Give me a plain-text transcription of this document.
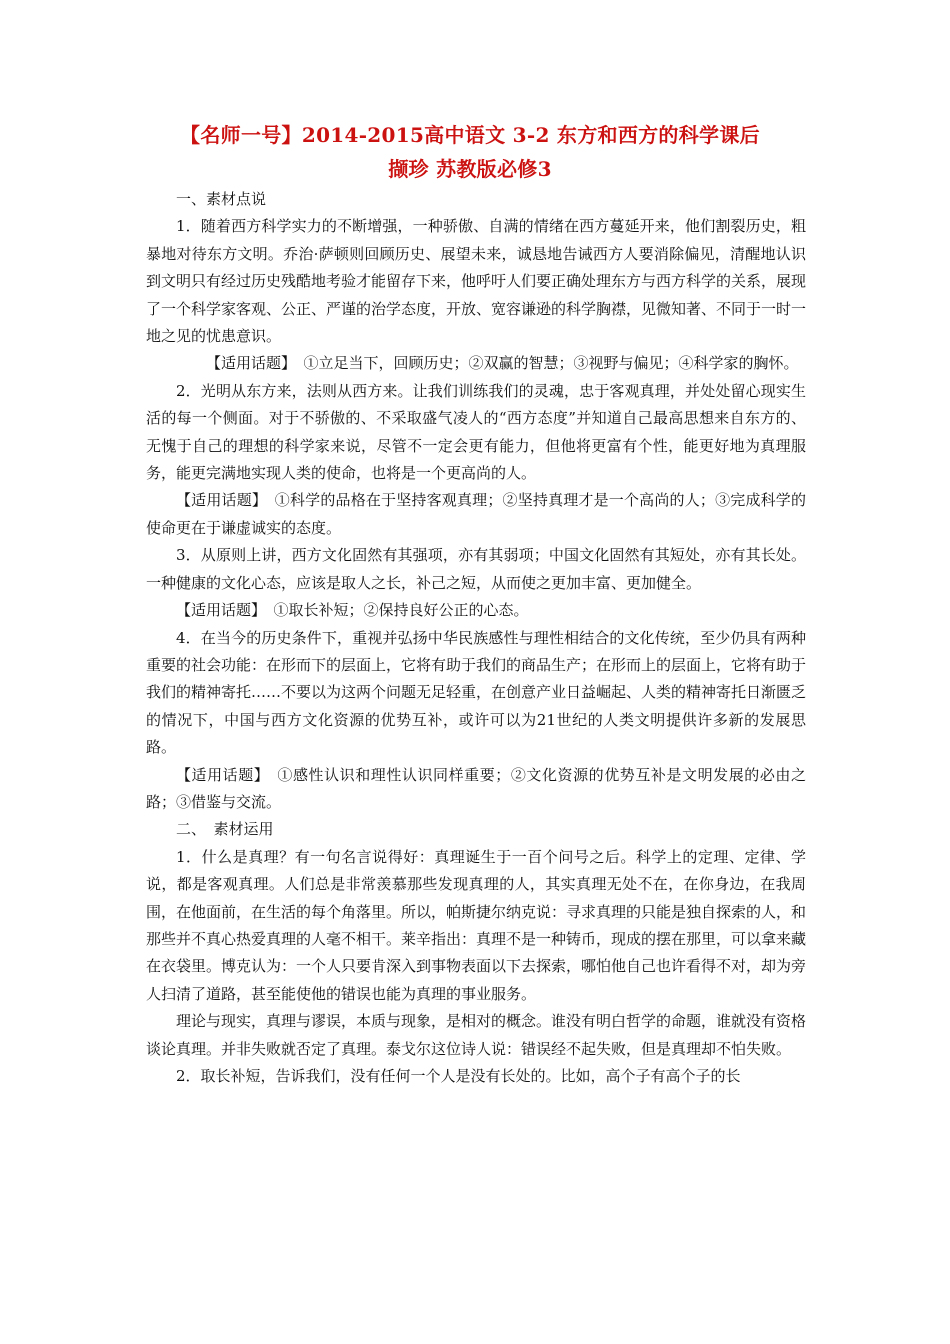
【名师一号】2014-2015高中语文 3-2 东方和西方的科学课后
撷珍 苏教版必修3

一、素材点说

1．随着西方科学实力的不断增强，一种骄傲、自满的情绪在西方蔓延开来，他们割裂历史，粗暴地对待东方文明。乔治·萨顿则回顾历史、展望未来，诚恳地告诫西方人要消除偏见，清醒地认识到文明只有经过历史残酷地考验才能留存下来，他呼吁人们要正确处理东方与西方科学的关系，展现了一个科学家客观、公正、严谨的治学态度，开放、宽容谦逊的科学胸襟，见微知著、不同于一时一地之见的忧患意识。

【适用话题】　①立足当下，回顾历史；②双赢的智慧；③视野与偏见；④科学家的胸怀。

2．光明从东方来，法则从西方来。让我们训练我们的灵魂，忠于客观真理，并处处留心现实生活的每一个侧面。对于不骄傲的、不采取盛气凌人的“西方态度”并知道自己最高思想来自东方的、无愧于自己的理想的科学家来说，尽管不一定会更有能力，但他将更富有个性，能更好地为真理服务，能更完满地实现人类的使命，也将是一个更高尚的人。

【适用话题】　①科学的品格在于坚持客观真理；②坚持真理才是一个高尚的人；③完成科学的使命更在于谦虚诚实的态度。

3．从原则上讲，西方文化固然有其强项，亦有其弱项；中国文化固然有其短处，亦有其长处。一种健康的文化心态，应该是取人之长，补己之短，从而使之更加丰富、更加健全。

【适用话题】　①取长补短；②保持良好公正的心态。

4．在当今的历史条件下，重视并弘扬中华民族感性与理性相结合的文化传统，至少仍具有两种重要的社会功能：在形而下的层面上，它将有助于我们的商品生产；在形而上的层面上，它将有助于我们的精神寄托……不要以为这两个问题无足轻重，在创意产业日益崛起、人类的精神寄托日渐匮乏的情况下，中国与西方文化资源的优势互补，或许可以为21世纪的人类文明提供许多新的发展思路。

【适用话题】　①感性认识和理性认识同样重要；②文化资源的优势互补是文明发展的必由之路；③借鉴与交流。

二、　素材运用

1．什么是真理？有一句名言说得好：真理诞生于一百个问号之后。科学上的定理、定律、学说，都是客观真理。人们总是非常羡慕那些发现真理的人，其实真理无处不在，在你身边，在我周围，在他面前，在生活的每个角落里。所以，帕斯捷尔纳克说：寻求真理的只能是独自探索的人，和那些并不真心热爱真理的人毫不相干。莱辛指出：真理不是一种铸币，现成的摆在那里，可以拿来藏在衣袋里。博克认为：一个人只要肯深入到事物表面以下去探索，哪怕他自己也许看得不对，却为旁人扫清了道路，甚至能使他的错误也能为真理的事业服务。

理论与现实，真理与谬误，本质与现象，是相对的概念。谁没有明白哲学的命题，谁就没有资格谈论真理。并非失败就否定了真理。泰戈尔这位诗人说：错误经不起失败，但是真理却不怕失败。

2．取长补短，告诉我们，没有任何一个人是没有长处的。比如，高个子有高个子的长
